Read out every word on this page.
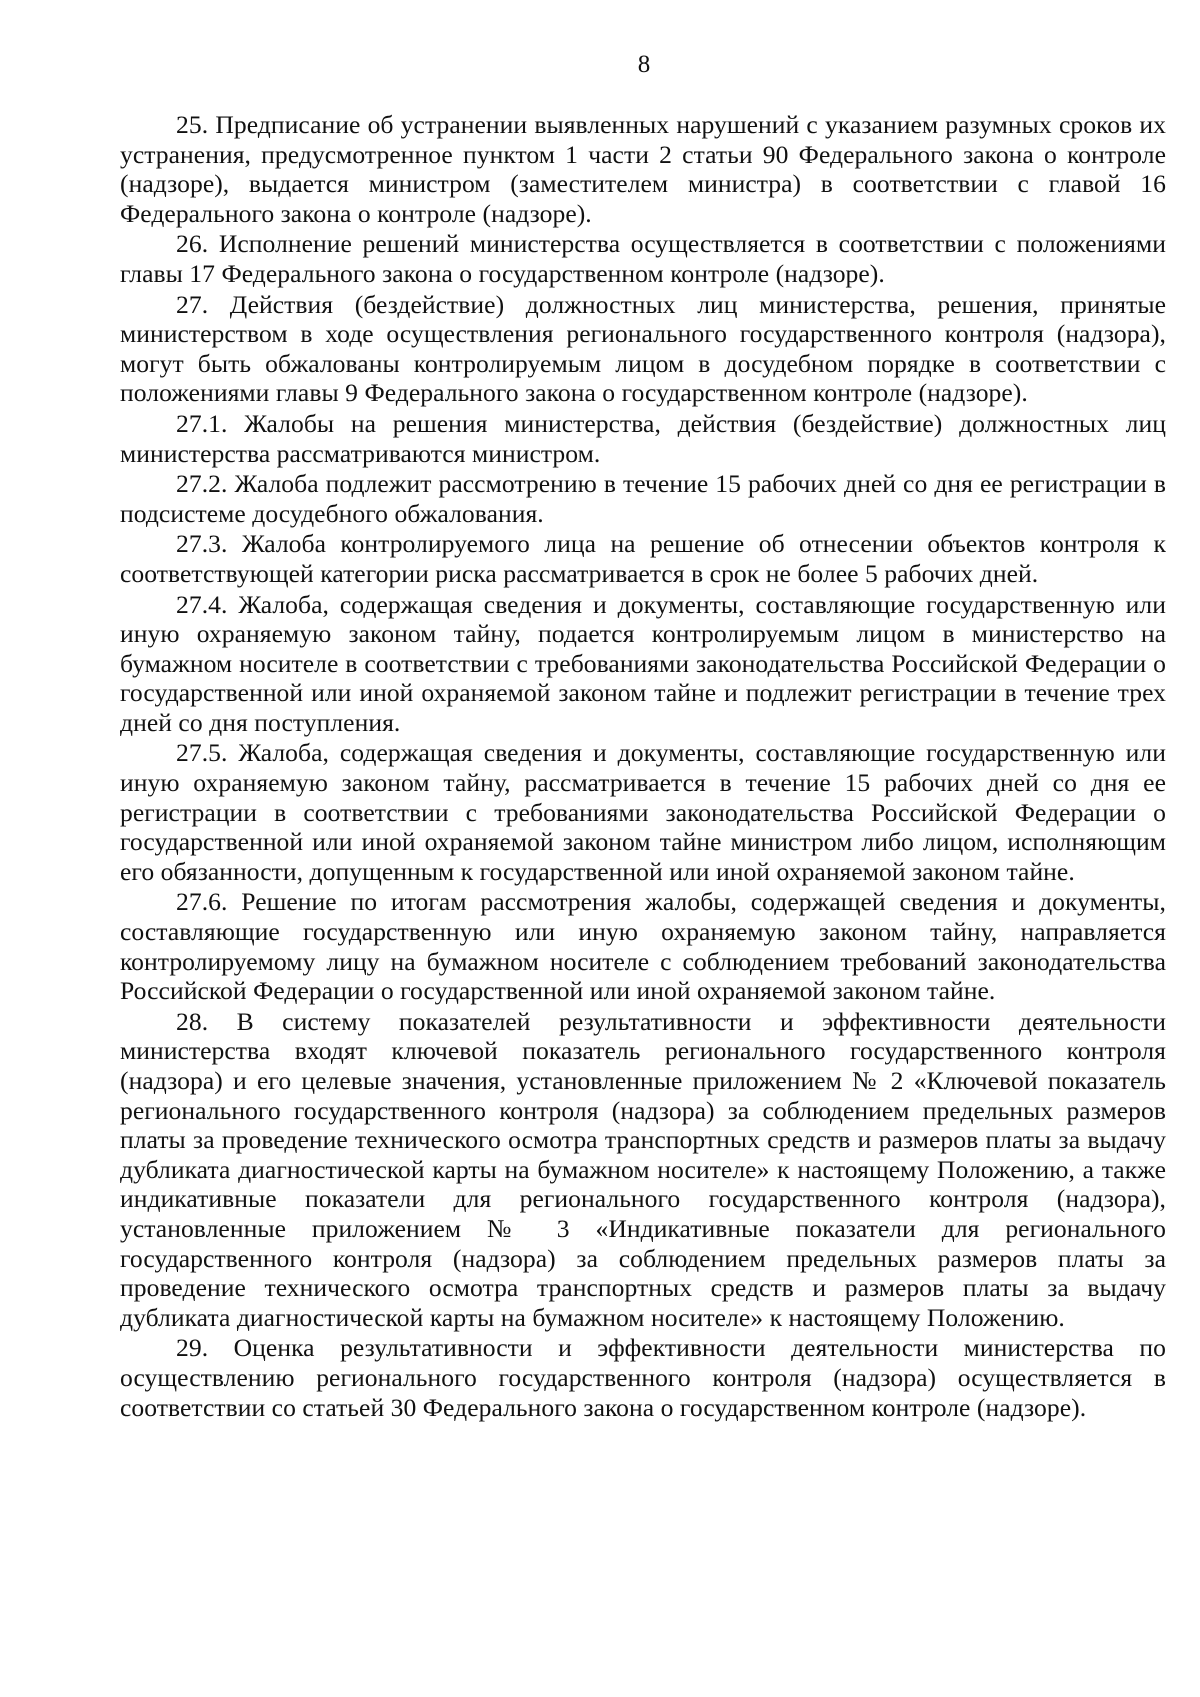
8

25. Предписание об устранении выявленных нарушений с указанием разумных сроков их устранения, предусмотренное пунктом 1 части 2 статьи 90 Федерального закона о контроле (надзоре), выдается министром (заместителем министра) в соответствии с главой 16 Федерального закона о контроле (надзоре).

26. Исполнение решений министерства осуществляется в соответствии с положениями главы 17 Федерального закона о государственном контроле (надзоре).

27. Действия (бездействие) должностных лиц министерства, решения, принятые министерством в ходе осуществления регионального государственного контроля (надзора), могут быть обжалованы контролируемым лицом в досудебном порядке в соответствии с положениями главы 9 Федерального закона о государственном контроле (надзоре).

27.1. Жалобы на решения министерства, действия (бездействие) должностных лиц министерства рассматриваются министром.

27.2. Жалоба подлежит рассмотрению в течение 15 рабочих дней со дня ее регистрации в подсистеме досудебного обжалования.

27.3. Жалоба контролируемого лица на решение об отнесении объектов контроля к соответствующей категории риска рассматривается в срок не более 5 рабочих дней.

27.4. Жалоба, содержащая сведения и документы, составляющие государственную или иную охраняемую законом тайну, подается контролируемым лицом в министерство на бумажном носителе в соответствии с требованиями законодательства Российской Федерации о государственной или иной охраняемой законом тайне и подлежит регистрации в течение трех дней со дня поступления.

27.5. Жалоба, содержащая сведения и документы, составляющие государственную или иную охраняемую законом тайну, рассматривается в течение 15 рабочих дней со дня ее регистрации в соответствии с требованиями законодательства Российской Федерации о государственной или иной охраняемой законом тайне министром либо лицом, исполняющим его обязанности, допущенным к государственной или иной охраняемой законом тайне.

27.6. Решение по итогам рассмотрения жалобы, содержащей сведения и документы, составляющие государственную или иную охраняемую законом тайну, направляется контролируемому лицу на бумажном носителе с соблюдением требований законодательства Российской Федерации о государственной или иной охраняемой законом тайне.

28. В систему показателей результативности и эффективности деятельности министерства входят ключевой показатель регионального государственного контроля (надзора) и его целевые значения, установленные приложением № 2 «Ключевой показатель регионального государственного контроля (надзора) за соблюдением предельных размеров платы за проведение технического осмотра транспортных средств и размеров платы за выдачу дубликата диагностической карты на бумажном носителе» к настоящему Положению, а также индикативные показатели для регионального государственного контроля (надзора), установленные приложением № 3 «Индикативные показатели для регионального государственного контроля (надзора) за соблюдением предельных размеров платы за проведение технического осмотра транспортных средств и размеров платы за выдачу дубликата диагностической карты на бумажном носителе» к настоящему Положению.

29. Оценка результативности и эффективности деятельности министерства по осуществлению регионального государственного контроля (надзора) осуществляется в соответствии со статьей 30 Федерального закона о государственном контроле (надзоре).
